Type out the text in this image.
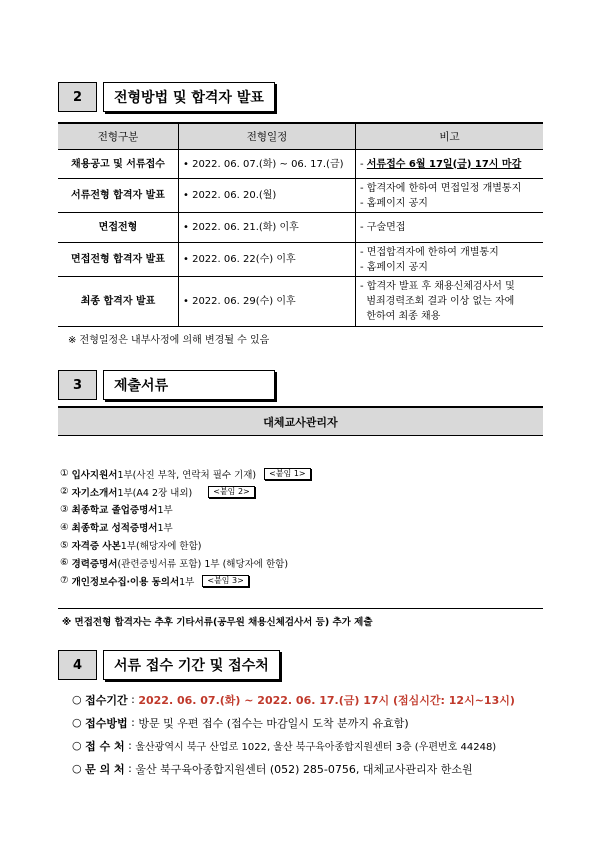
2	전형방법 및 합격자 발표
전형구분	전형일정	비고
채용공고 및 서류접수	• 2022. 06. 07.(화) ~ 06. 17.(금)	- 서류접수 6월 17일(금) 17시 마감
서류전형 합격자 발표	• 2022. 06. 20.(월)	- 합격자에 한하여 면접일정 개별통지
- 홈페이지 공지

면접전형	• 2022. 06. 21.(화) 이후	- 구술면접

면접전형 합격자 발표	• 2022. 06. 22(수) 이후	- 면접합격자에 한하여 개별통지
- 홈페이지 공지

최종 합격자 발표	• 2022. 06. 29(수) 이후	- 합격자 발표 후 채용신체검사서 및
범죄경력조회 결과 이상 없는 자에
한하여 최종 채용
※ 전형일정은 내부사정에 의해 변경될 수 있음
3	제출서류
대체교사관리자
①
입사지원서 1부(사진 부착, 연락처 필수 기재)	<붙임 1>
②
자기소개서 1부(A4 2장 내외)	<붙임 2>
③
최종학교 졸업증명서 1부
④
최종학교 성적증명서 1부
⑤
자격증 사본 1부(해당자에 한함)
⑥
경력증명서 (관련증빙서류 포함) 1부 (해당자에 한함)
⑦
개인정보수집‧이용 동의서 1부	<붙임 3>
※ 면접전형 합격자는 추후 기타서류(공무원 채용신체검사서 등) 추가 제출
4	서류 접수 기간 및 접수처
○
접수기간 : 2022. 06. 07.(화) ~ 2022. 06. 17.(금) 17시 (점심시간: 12시~13시)
○
접수방법 : 방문 및 우편 접수 (접수는 마감일시 도착 분까지 유효함)
○
접 수 처 : 울산광역시 북구 산업로 1022, 울산 북구육아종합지원센터 3층 (우편번호 44248)
○
문 의 처 : 울산 북구육아종합지원센터 (052) 285-0756, 대체교사관리자 한소원
